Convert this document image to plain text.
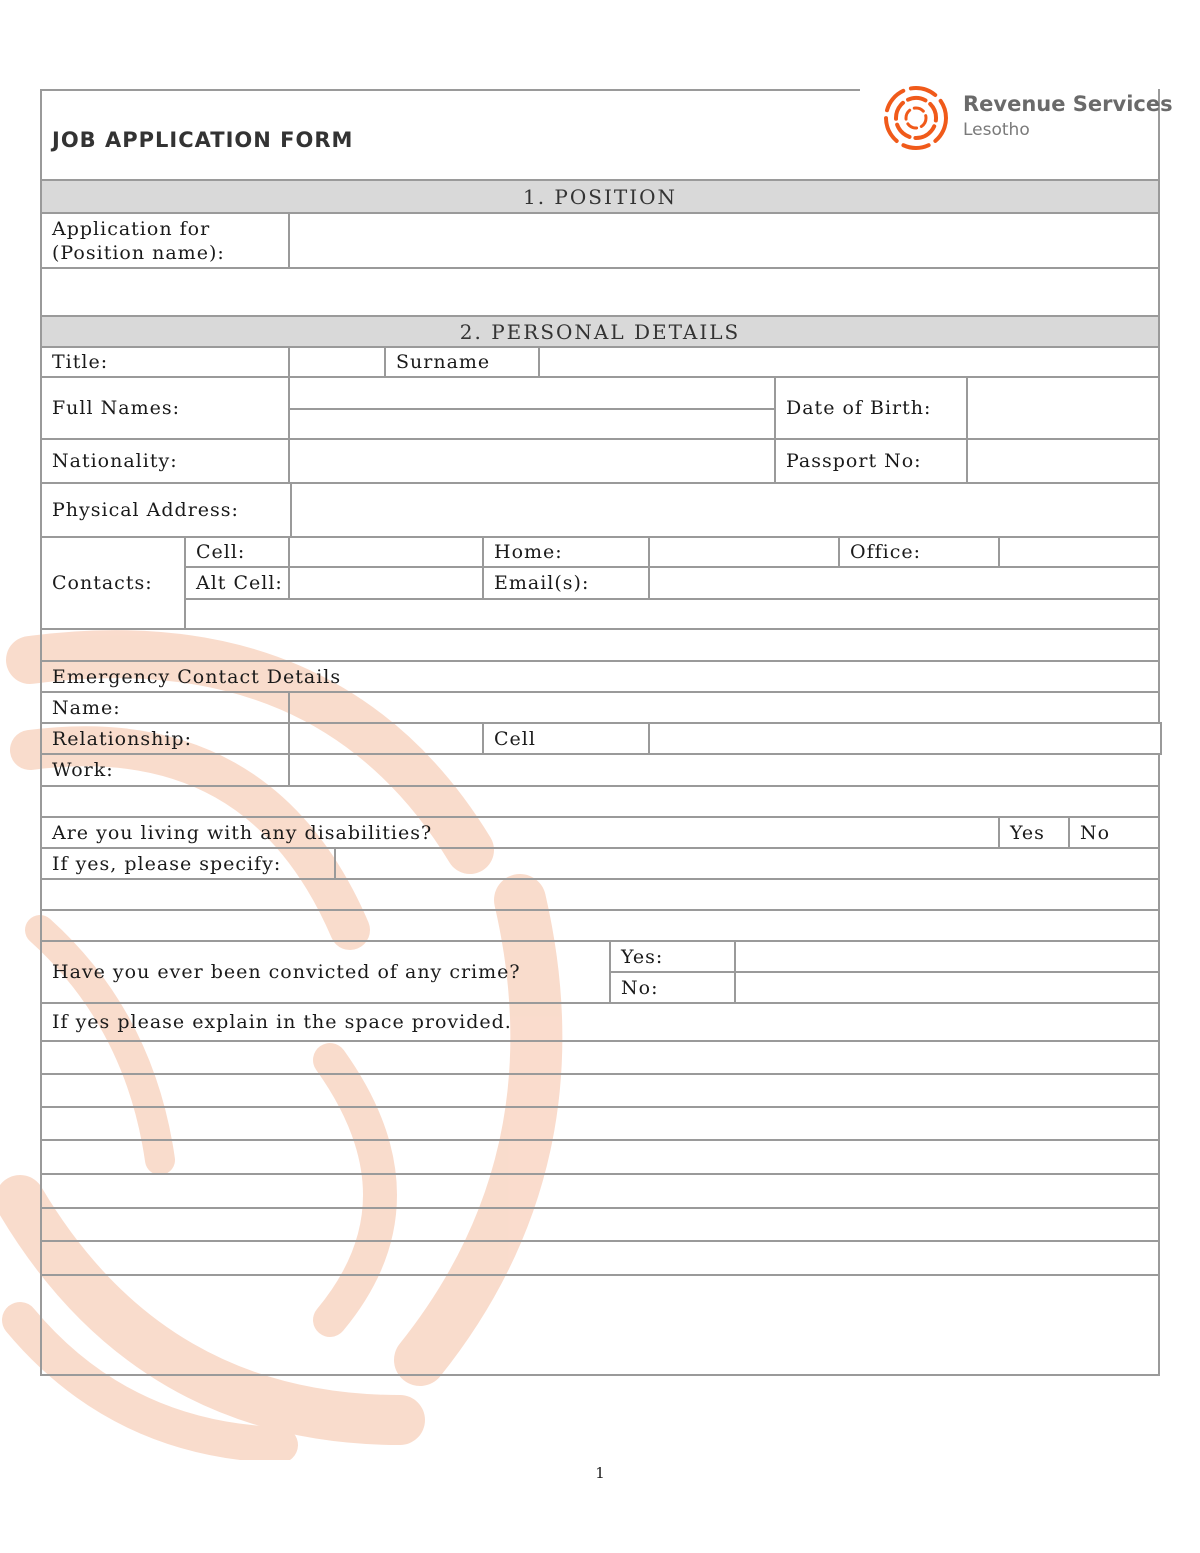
JOB APPLICATION FORM
Revenue Services
Lesotho
1. POSITION
Application for
(Position name):
2. PERSONAL DETAILS
Title:	Surname
Full Names:	Date of Birth:
Nationality:	Passport No:
Physical Address:
Contacts:
Cell:	Home:	Office:
Alt Cell:	Email(s):
Emergency Contact Details
Name:
Relationship:	Cell
Work:
Are you living with any disabilities?	Yes	No
If yes, please specify:
Have you ever been convicted of any crime?
Yes:
No:
If yes please explain in the space provided.
1
